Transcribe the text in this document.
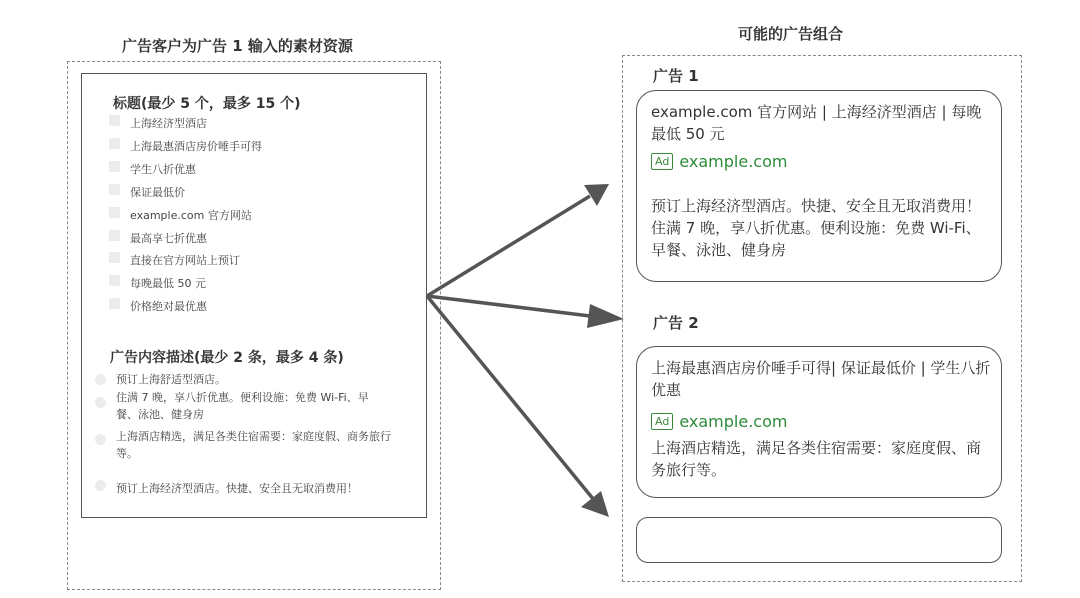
广告客户为广告 1 输入的素材资源
标题(最少 5 个，最多 15 个)
上海经济型酒店
上海最惠酒店房价唾手可得
学生八折优惠
保证最低价
example.com 官方网站
最高享七折优惠
直接在官方网站上预订
每晚最低 50 元
价格绝对最优惠
广告内容描述(最少 2 条，最多 4 条)
预订上海舒适型酒店。
住满 7 晚，享八折优惠。便利设施：免费 Wi-Fi、早餐、泳池、健身房
上海酒店精选，满足各类住宿需要：家庭度假、商务旅行等。
预订上海经济型酒店。快捷、安全且无取消费用！
可能的广告组合
广告 1
example.com 官方网站 | 上海经济型酒店 | 每晚最低 50 元
Ad example.com
预订上海经济型酒店。快捷、安全且无取消费用！住满 7 晚，享八折优惠。便利设施：免费 Wi-Fi、早餐、泳池、健身房
广告 2
上海最惠酒店房价唾手可得| 保证最低价 | 学生八折优惠
Ad example.com
上海酒店精选，满足各类住宿需要：家庭度假、商务旅行等。
